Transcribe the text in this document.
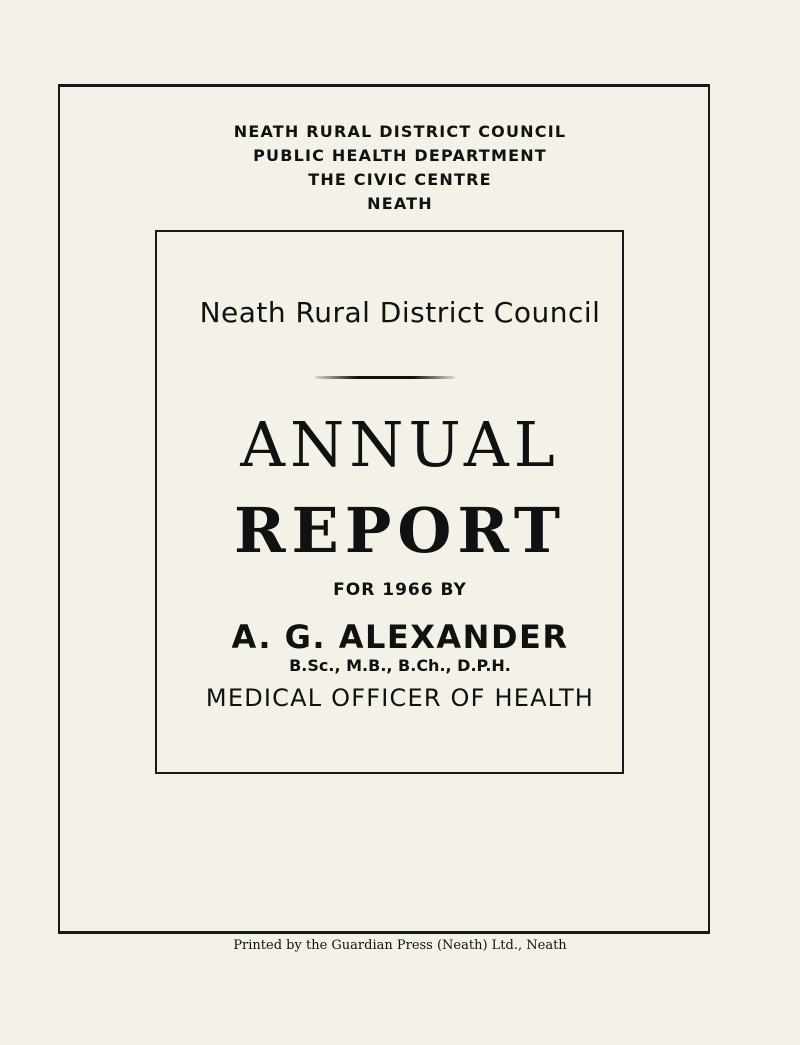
NEATH RURAL DISTRICT COUNCIL
PUBLIC HEALTH DEPARTMENT
THE CIVIC CENTRE
NEATH
Neath Rural District Council
ANNUAL
REPORT
FOR 1966 BY
A. G. ALEXANDER
B.Sc., M.B., B.Ch., D.P.H.
MEDICAL OFFICER OF HEALTH
Printed by the Guardian Press (Neath) Ltd., Neath
